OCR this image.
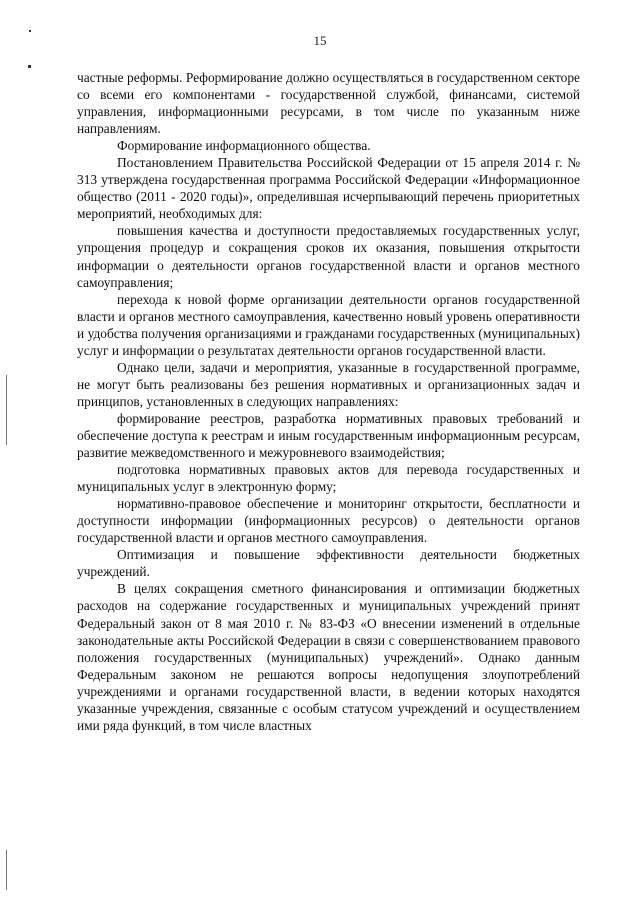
15

частные реформы. Реформирование должно осуществляться в государственном секторе со всеми его компонентами - государственной службой, финансами, системой управления, информационными ресурсами, в том числе по указанным ниже направлениям.

Формирование информационного общества.

Постановлением Правительства Российской Федерации от 15 апреля 2014 г. № 313 утверждена государственная программа Российской Федерации «Информационное общество (2011 - 2020 годы)», определившая исчерпывающий перечень приоритетных мероприятий, необходимых для:

повышения качества и доступности предоставляемых государственных услуг, упрощения процедур и сокращения сроков их оказания, повышения открытости информации о деятельности органов государственной власти и органов местного самоуправления;

перехода к новой форме организации деятельности органов государственной власти и органов местного самоуправления, качественно новый уровень оперативности и удобства получения организациями и гражданами государственных (муниципальных) услуг и информации о результатах деятельности органов государственной власти.

Однако цели, задачи и мероприятия, указанные в государственной программе, не могут быть реализованы без решения нормативных и организационных задач и принципов, установленных в следующих направлениях:

формирование реестров, разработка нормативных правовых требований и обеспечение доступа к реестрам и иным государственным информационным ресурсам, развитие межведомственного и межуровневого взаимодействия;

подготовка нормативных правовых актов для перевода государственных и муниципальных услуг в электронную форму;

нормативно-правовое обеспечение и мониторинг открытости, бесплатности и доступности информации (информационных ресурсов) о деятельности органов государственной власти и органов местного самоуправления.

Оптимизация и повышение эффективности деятельности бюджетных учреждений.

В целях сокращения сметного финансирования и оптимизации бюджетных расходов на содержание государственных и муниципальных учреждений принят Федеральный закон от 8 мая 2010 г. № 83-ФЗ «О внесении изменений в отдельные законодательные акты Российской Федерации в связи с совершенствованием правового положения государственных (муниципальных) учреждений». Однако данным Федеральным законом не решаются вопросы недопущения злоупотреблений учреждениями и органами государственной власти, в ведении которых находятся указанные учреждения, связанные с особым статусом учреждений и осуществлением ими ряда функций, в том числе властных
